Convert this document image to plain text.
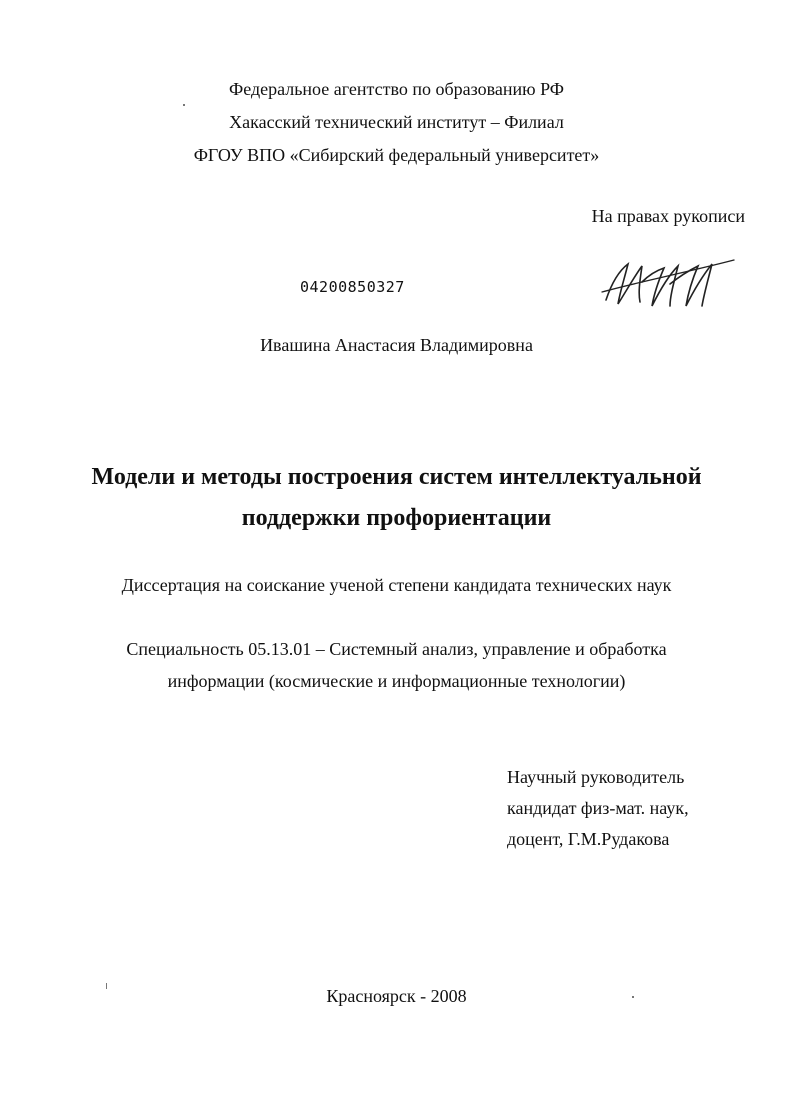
Федеральное агентство по образованию РФ
Хакасский технический институт – Филиал
ФГОУ ВПО «Сибирский федеральный университет»
На правах рукописи
04200850327
Ивашина Анастасия Владимировна
Модели и методы построения систем интеллектуальной
поддержки профориентации
Диссертация на соискание ученой степени кандидата технических наук
Специальность 05.13.01 – Системный анализ, управление и обработка
информации (космические и информационные технологии)
Научный руководитель
кандидат физ-мат. наук,
доцент, Г.М.Рудакова
Красноярск - 2008
